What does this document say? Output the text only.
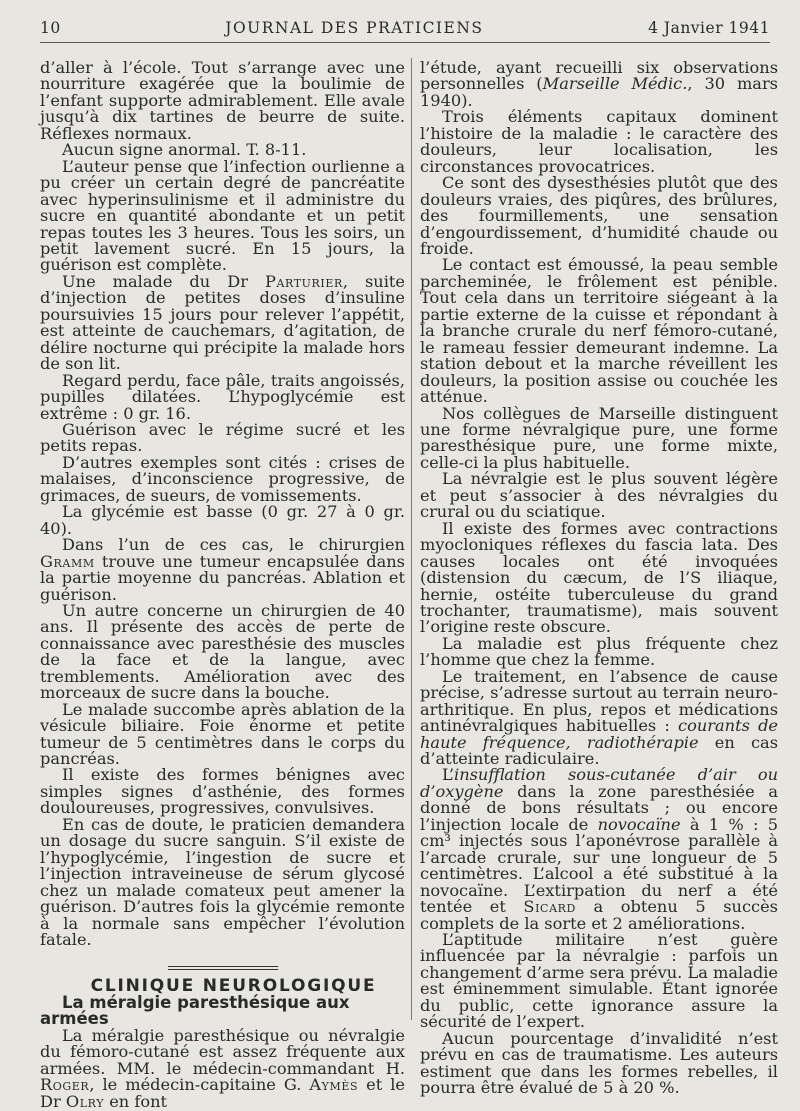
10	JOURNAL DES PRATICIENS	4 Janvier 1941

d’aller à l’école. Tout s’arrange avec une nourriture exagérée que la boulimie de l’enfant supporte admirablement. Elle avale jusqu’à dix tartines de beurre de suite. Réflexes normaux.

Aucun signe anormal. T. 8-11.

L’auteur pense que l’infection ourlienne a pu créer un certain degré de pancréatite avec hyperinsulinisme et il administre du sucre en quantité abondante et un petit repas toutes les 3 heures. Tous les soirs, un petit lavement sucré. En 15 jours, la guérison est complète.

Une malade du Dr Parturier, suite d’injection de petites doses d’insuline poursuivies 15 jours pour relever l’appétit, est atteinte de cauchemars, d’agitation, de délire nocturne qui précipite la malade hors de son lit.

Regard perdu, face pâle, traits angoissés, pupilles dilatées. L’hypoglycémie est extrême : 0 gr. 16.

Guérison avec le régime sucré et les petits repas.

D’autres exemples sont cités : crises de malaises, d’inconscience progressive, de grimaces, de sueurs, de vomissements.

La glycémie est basse (0 gr. 27 à 0 gr. 40).

Dans l’un de ces cas, le chirurgien Gramm trouve une tumeur encapsulée dans la partie moyenne du pancréas. Ablation et guérison.

Un autre concerne un chirurgien de 40 ans. Il présente des accès de perte de connaissance avec paresthésie des muscles de la face et de la langue, avec tremblements. Amélioration avec des morceaux de sucre dans la bouche.

Le malade succombe après ablation de la vésicule biliaire. Foie énorme et petite tumeur de 5 centimètres dans le corps du pancréas.

Il existe des formes bénignes avec simples signes d’asthénie, des formes douloureuses, progressives, convulsives.

En cas de doute, le praticien demandera un dosage du sucre sanguin. S’il existe de l’hypoglycémie, l’ingestion de sucre et l’injection intraveineuse de sérum glycosé chez un malade comateux peut amener la guérison. D’autres fois la glycémie remonte à la normale sans empêcher l’évolution fatale.

CLINIQUE NEUROLOGIQUE

La méralgie paresthésique aux armées

La méralgie paresthésique ou névralgie du fémoro-cutané est assez fréquente aux armées. MM. le médecin-commandant H. Roger, le médecin-capitaine G. Aymès et le Dr Olry en font

l’étude, ayant recueilli six observations personnelles (Marseille Médic., 30 mars 1940).

Trois éléments capitaux dominent l’histoire de la maladie : le caractère des douleurs, leur localisation, les circonstances provocatrices.

Ce sont des dysesthésies plutôt que des douleurs vraies, des piqûres, des brûlures, des fourmillements, une sensation d’engourdissement, d’humidité chaude ou froide.

Le contact est émoussé, la peau semble parcheminée, le frôlement est pénible. Tout cela dans un territoire siégeant à la partie externe de la cuisse et répondant à la branche crurale du nerf fémoro-cutané, le rameau fessier demeurant indemne. La station debout et la marche réveillent les douleurs, la position assise ou couchée les atténue.

Nos collègues de Marseille distinguent une forme névralgique pure, une forme paresthésique pure, une forme mixte, celle-ci la plus habituelle.

La névralgie est le plus souvent légère et peut s’associer à des névralgies du crural ou du sciatique.

Il existe des formes avec contractions myocloniques réflexes du fascia lata. Des causes locales ont été invoquées (distension du cæcum, de l’S iliaque, hernie, ostéite tuberculeuse du grand trochanter, traumatisme), mais souvent l’origine reste obscure.

La maladie est plus fréquente chez l’homme que chez la femme.

Le traitement, en l’absence de cause précise, s’adresse surtout au terrain neuro-arthritique. En plus, repos et médications antinévralgiques habituelles : courants de haute fréquence, radiothérapie en cas d’atteinte radiculaire.

L’insufflation sous-cutanée d’air ou d’oxygène dans la zone paresthésiée a donné de bons résultats ; ou encore l’injection locale de novocaïne à 1 % : 5 cm³ injectés sous l’aponévrose parallèle à l’arcade crurale, sur une longueur de 5 centimètres. L’alcool a été substitué à la novocaïne. L’extirpation du nerf a été tentée et Sicard a obtenu 5 succès complets de la sorte et 2 améliorations.

L’aptitude militaire n’est guère influencée par la névralgie : parfois un changement d’arme sera prévu. La maladie est éminemment simulable. Étant ignorée du public, cette ignorance assure la sécurité de l’expert.

Aucun pourcentage d’invalidité n’est prévu en cas de traumatisme. Les auteurs estiment que dans les formes rebelles, il pourra être évalué de 5 à 20 %.
